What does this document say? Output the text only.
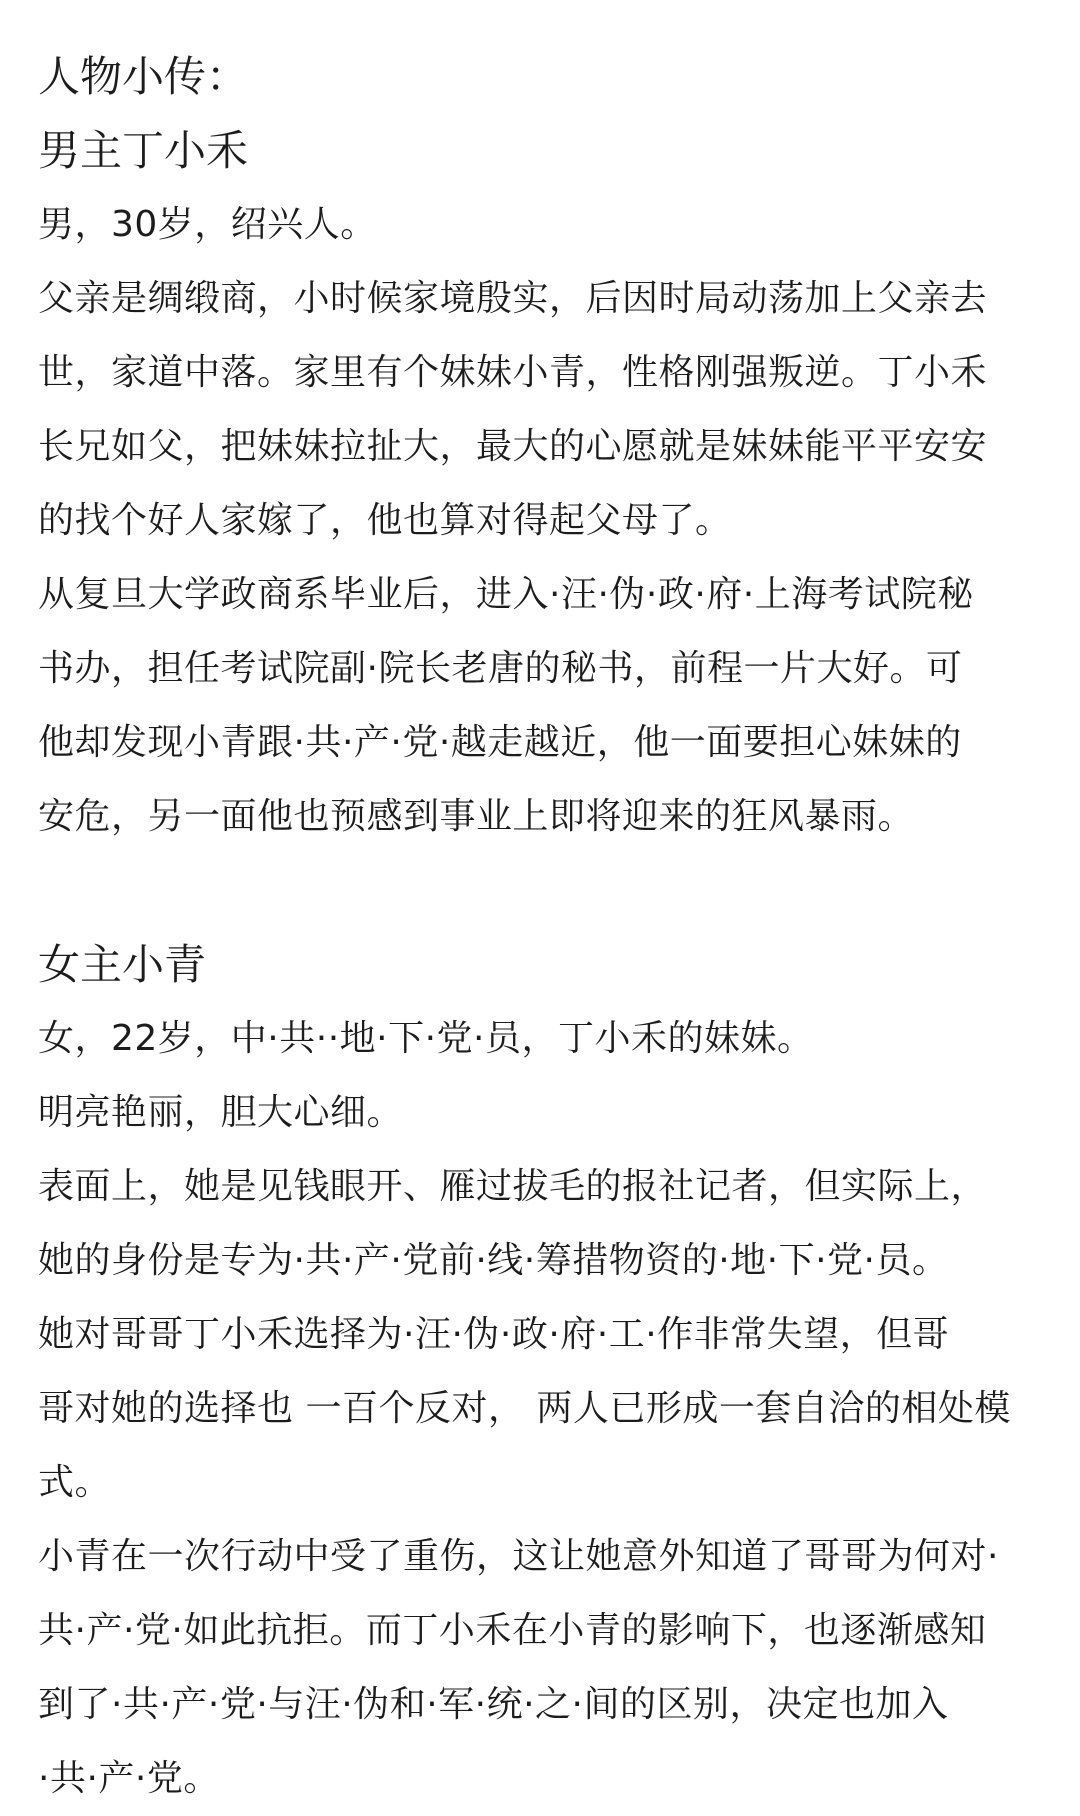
人物小传：
男主丁小禾
男，30岁，绍兴人。
父亲是绸缎商，小时候家境殷实，后因时局动荡加上父亲去
世，家道中落。家里有个妹妹小青，性格刚强叛逆。丁小禾
长兄如父，把妹妹拉扯大，最大的心愿就是妹妹能平平安安
的找个好人家嫁了，他也算对得起父母了。
从复旦大学政商系毕业后，进入·汪·伪·政·府·上海考试院秘
书办，担任考试院副·院长老唐的秘书，前程一片大好。可
他却发现小青跟·共·产·党·越走越近，他一面要担心妹妹的
安危，另一面他也预感到事业上即将迎来的狂风暴雨。
女主小青
女，22岁，中·共··地·下·党·员，丁小禾的妹妹。
明亮艳丽，胆大心细。
表面上，她是见钱眼开、雁过拔毛的报社记者，但实际上，
她的身份是专为·共·产·党前·线·筹措物资的·地·下·党·员。
她对哥哥丁小禾选择为·汪·伪·政·府·工·作非常失望，但哥
哥对她的选择也 一百个反对， 两人已形成一套自洽的相处模
式。
小青在一次行动中受了重伤，这让她意外知道了哥哥为何对·
共·产·党·如此抗拒。而丁小禾在小青的影响下，也逐渐感知
到了·共·产·党·与汪·伪和·军·统·之·间的区别，决定也加入
·共·产·党。
